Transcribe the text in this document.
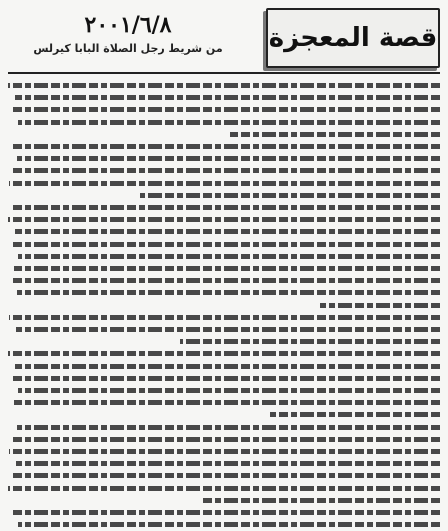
قصة المعجزة
٢٠٠١/٦/٨
من شريط رجل الصلاة البابا كيرلس
